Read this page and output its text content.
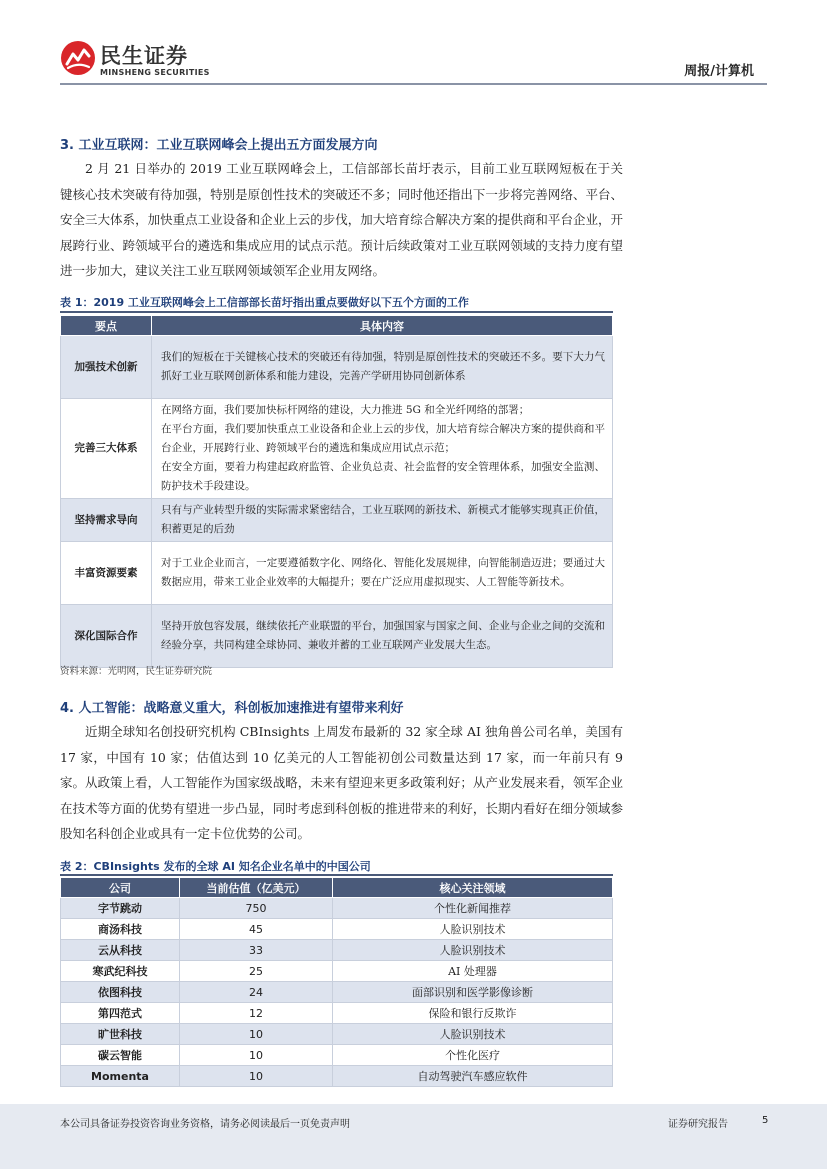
民生证券
MINSHENG SECURITIES	周报/计算机
3. 工业互联网：工业互联网峰会上提出五方面发展方向
2 月 21 日举办的 2019 工业互联网峰会上，工信部部长苗圩表示，目前工业互联网短板在于关键核心技术突破有待加强，特别是原创性技术的突破还不多；同时他还指出下一步将完善网络、平台、安全三大体系，加快重点工业设备和企业上云的步伐，加大培育综合解决方案的提供商和平台企业，开展跨行业、跨领域平台的遴选和集成应用的试点示范。预计后续政策对工业互联网领域的支持力度有望进一步加大，建议关注工业互联网领域领军企业用友网络。
表 1：2019 工业互联网峰会上工信部部长苗圩指出重点要做好以下五个方面的工作
要点	具体内容
加强技术创新	我们的短板在于关键核心技术的突破还有待加强，特别是原创性技术的突破还不多。要下大力气抓好工业互联网创新体系和能力建设，完善产学研用协同创新体系

完善三大体系	在网络方面，我们要加快标杆网络的建设，大力推进 5G 和全光纤网络的部署；
在平台方面，我们要加快重点工业设备和企业上云的步伐，加大培育综合解决方案的提供商和平台企业，开展跨行业、跨领域平台的遴选和集成应用试点示范；
在安全方面，要着力构建起政府监管、企业负总责、社会监督的安全管理体系，加强安全监测、防护技术手段建设。

坚持需求导向	只有与产业转型升级的实际需求紧密结合，工业互联网的新技术、新模式才能够实现真正价值，积蓄更足的后劲

丰富资源要素	对于工业企业而言，一定要遵循数字化、网络化、智能化发展规律，向智能制造迈进；要通过大数据应用，带来工业企业效率的大幅提升；要在广泛应用虚拟现实、人工智能等新技术。

深化国际合作	坚持开放包容发展，继续依托产业联盟的平台，加强国家与国家之间、企业与企业之间的交流和经验分享，共同构建全球协同、兼收并蓄的工业互联网产业发展大生态。
资料来源：光明网，民生证券研究院
4. 人工智能：战略意义重大，科创板加速推进有望带来利好
近期全球知名创投研究机构 CBInsights 上周发布最新的 32 家全球 AI 独角兽公司名单，美国有 17 家，中国有 10 家；估值达到 10 亿美元的人工智能初创公司数量达到 17 家，而一年前只有 9 家。从政策上看，人工智能作为国家级战略，未来有望迎来更多政策利好；从产业发展来看，领军企业在技术等方面的优势有望进一步凸显，同时考虑到科创板的推进带来的利好，长期内看好在细分领域参股知名科创企业或具有一定卡位优势的公司。
表 2：CBInsights 发布的全球 AI 知名企业名单中的中国公司
公司	当前估值（亿美元）	核心关注领域
字节跳动	750	个性化新闻推荐
商汤科技	45	人脸识别技术
云从科技	33	人脸识别技术
寒武纪科技	25	AI 处理器
依图科技	24	面部识别和医学影像诊断
第四范式	12	保险和银行反欺诈
旷世科技	10	人脸识别技术
碳云智能	10	个性化医疗
Momenta	10	自动驾驶汽车感应软件
本公司具备证券投资咨询业务资格，请务必阅读最后一页免责声明	证券研究报告	5
